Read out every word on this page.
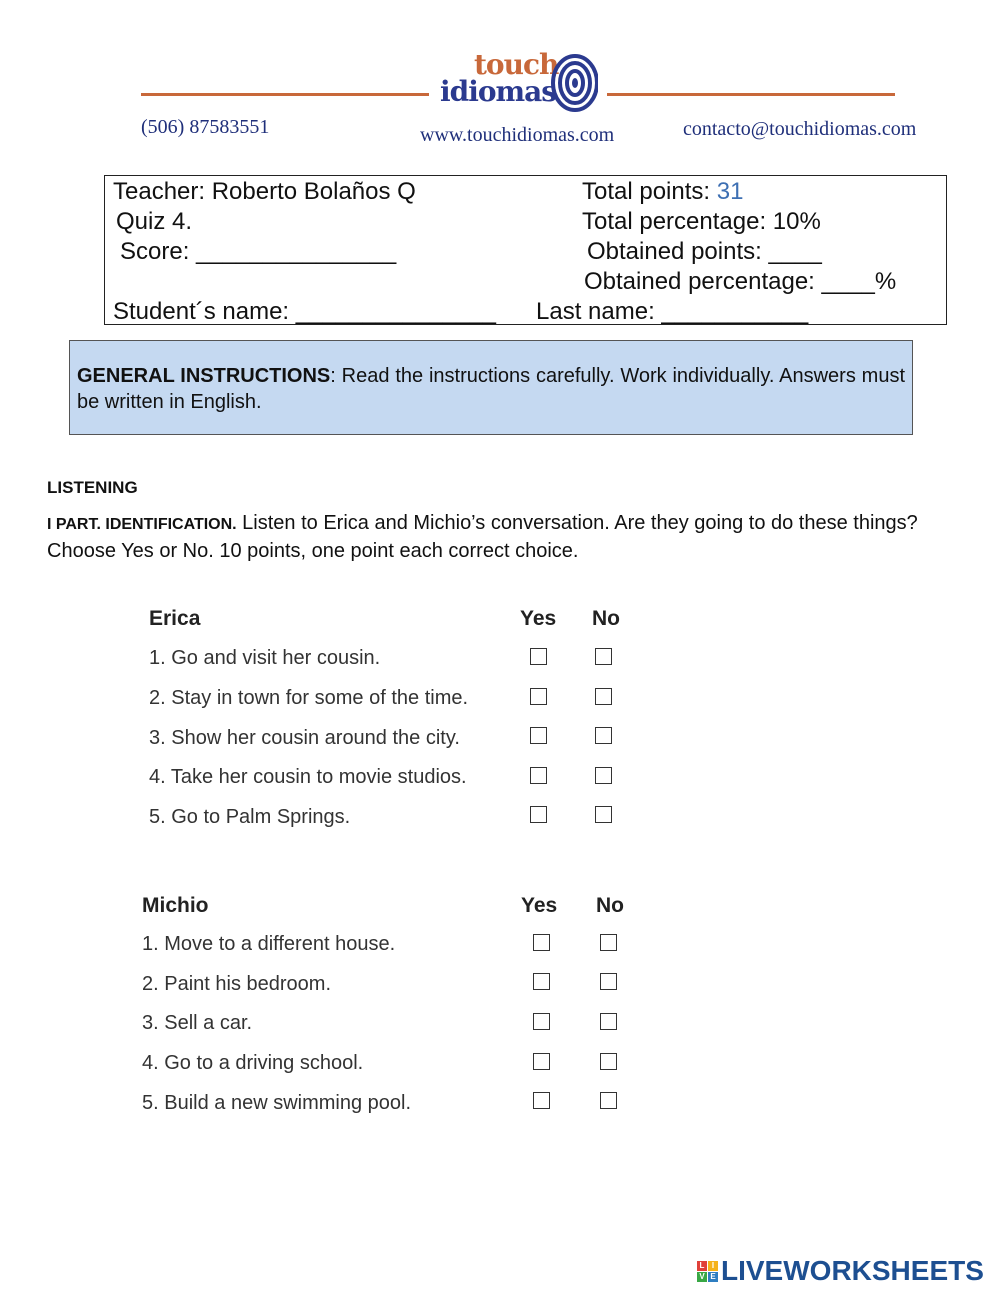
touch
idiomas
(506) 87583551	www.touchidiomas.com	contacto@touchidiomas.com
Teacher: Roberto Bolaños Q	Total points: 31
Quiz 4.	Total percentage: 10%
Score: _______________	Obtained points: ____
Obtained percentage: ____%
Student´s name: _______________ Last name: ___________
GENERAL INSTRUCTIONS: Read the instructions carefully. Work individually. Answers must be written in English.
LISTENING
I PART. IDENTIFICATION. Listen to Erica and Michio’s conversation. Are they going to do these things? Choose Yes or No. 10 points, one point each correct choice.
Erica	Yes No
1. Go and visit her cousin.
2. Stay in town for some of the time.
3. Show her cousin around the city.
4. Take her cousin to movie studios.
5. Go to Palm Springs.
Michio	Yes No
1. Move to a different house.
2. Paint his bedroom.
3. Sell a car.
4. Go to a driving school.
5. Build a new swimming pool.
L I
V E LIVEWORKSHEETS
